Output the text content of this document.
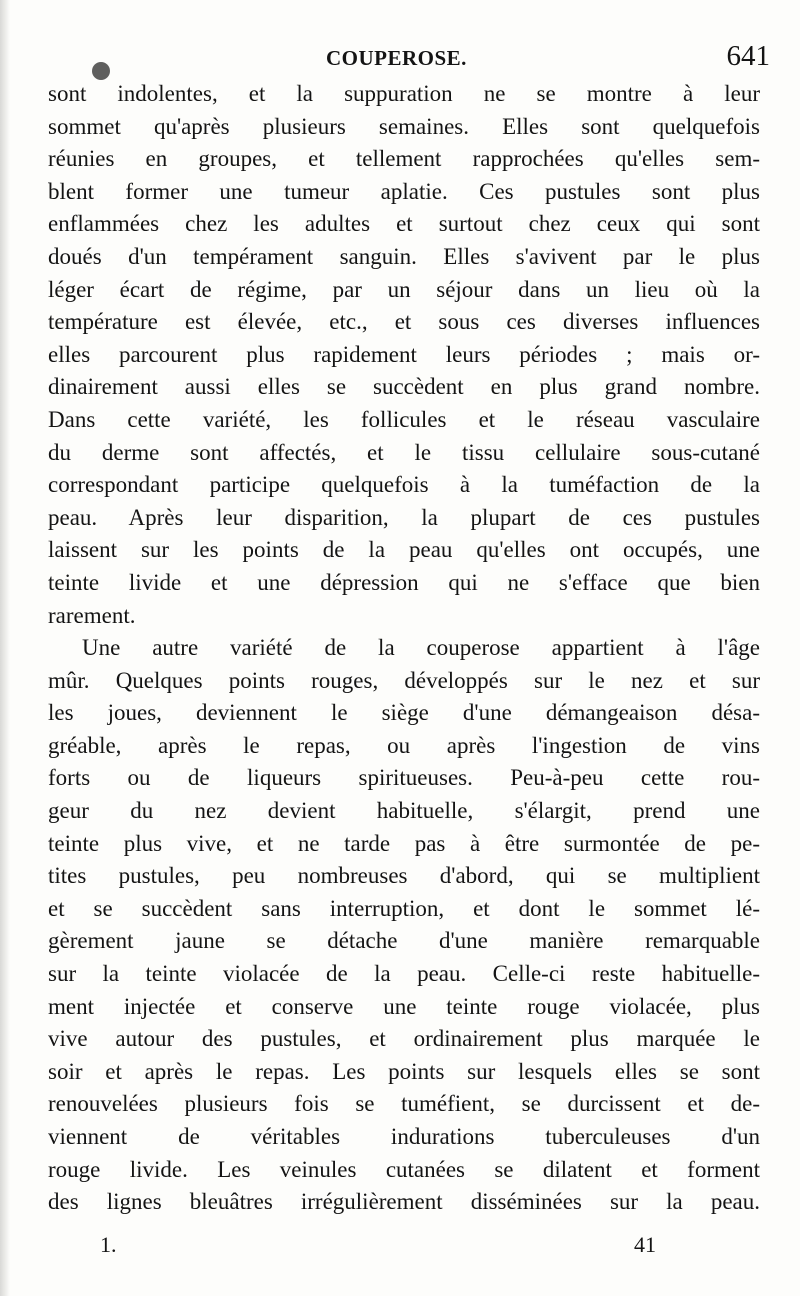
COUPEROSE.	641
sont indolentes, et la suppuration ne se montre à leur
sommet qu'après plusieurs semaines. Elles sont quelquefois
réunies en groupes, et tellement rapprochées qu'elles sem-
blent former une tumeur aplatie. Ces pustules sont plus
enflammées chez les adultes et surtout chez ceux qui sont
doués d'un tempérament sanguin. Elles s'avivent par le plus
léger écart de régime, par un séjour dans un lieu où la
température est élevée, etc., et sous ces diverses influences
elles parcourent plus rapidement leurs périodes ; mais or-
dinairement aussi elles se succèdent en plus grand nombre.
Dans cette variété, les follicules et le réseau vasculaire
du derme sont affectés, et le tissu cellulaire sous-cutané
correspondant participe quelquefois à la tuméfaction de la
peau. Après leur disparition, la plupart de ces pustules
laissent sur les points de la peau qu'elles ont occupés, une
teinte livide et une dépression qui ne s'efface que bien
rarement.
Une autre variété de la couperose appartient à l'âge
mûr. Quelques points rouges, développés sur le nez et sur
les joues, deviennent le siège d'une démangeaison désa-
gréable, après le repas, ou après l'ingestion de vins
forts ou de liqueurs spiritueuses. Peu-à-peu cette rou-
geur du nez devient habituelle, s'élargit, prend une
teinte plus vive, et ne tarde pas à être surmontée de pe-
tites pustules, peu nombreuses d'abord, qui se multiplient
et se succèdent sans interruption, et dont le sommet lé-
gèrement jaune se détache d'une manière remarquable
sur la teinte violacée de la peau. Celle-ci reste habituelle-
ment injectée et conserve une teinte rouge violacée, plus
vive autour des pustules, et ordinairement plus marquée le
soir et après le repas. Les points sur lesquels elles se sont
renouvelées plusieurs fois se tuméfient, se durcissent et de-
viennent de véritables indurations tuberculeuses d'un
rouge livide. Les veinules cutanées se dilatent et forment
des lignes bleuâtres irrégulièrement disséminées sur la peau.
1.	41
